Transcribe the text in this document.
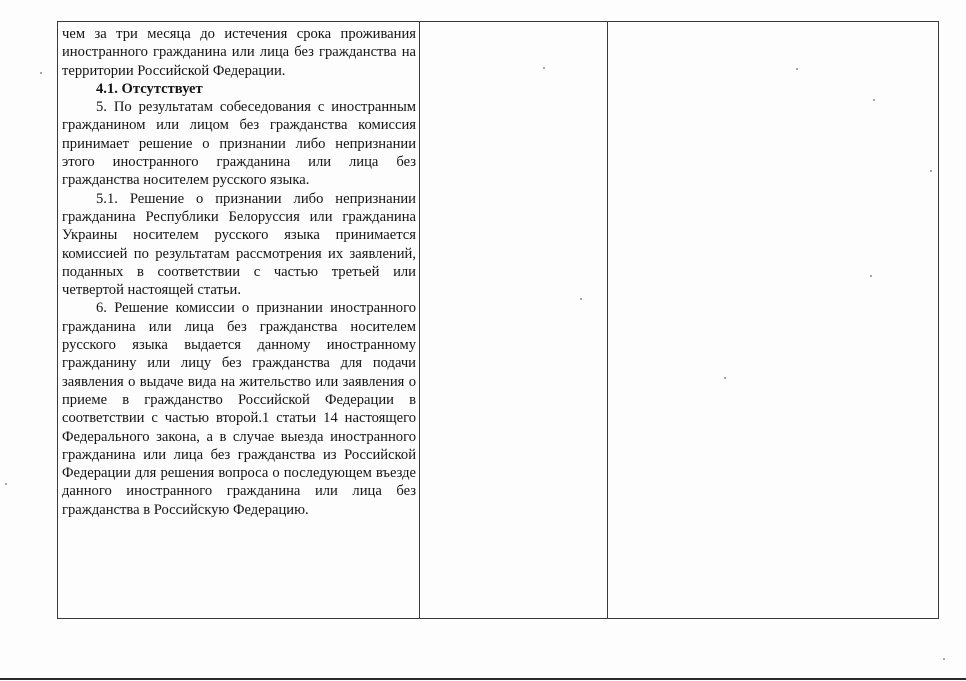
чем за три месяца до истечения срока проживания иностранного гражданина или лица без гражданства на территории Российской Федерации.

4.1. Отсутствует

5. По результатам собеседования с иностранным гражданином или лицом без гражданства комиссия принимает решение о признании либо непризнании этого иностранного гражданина или лица без гражданства носителем русского языка.

5.1. Решение о признании либо непризнании гражданина Республики Белоруссия или гражданина Украины носителем русского языка принимается комиссией по результатам рассмотрения их заявлений, поданных в соответствии с частью третьей или четвертой настоящей статьи.

6. Решение комиссии о признании иностранного гражданина или лица без гражданства носителем русского языка выдается данному иностранному гражданину или лицу без гражданства для подачи заявления о выдаче вида на жительство или заявления о приеме в гражданство Российской Федерации в соответствии с частью второй.1 статьи 14 настоящего Федерального закона, а в случае выезда иностранного гражданина или лица без гражданства из Российской Федерации для решения вопроса о последующем въезде данного иностранного гражданина или лица без гражданства в Российскую Федерацию.
